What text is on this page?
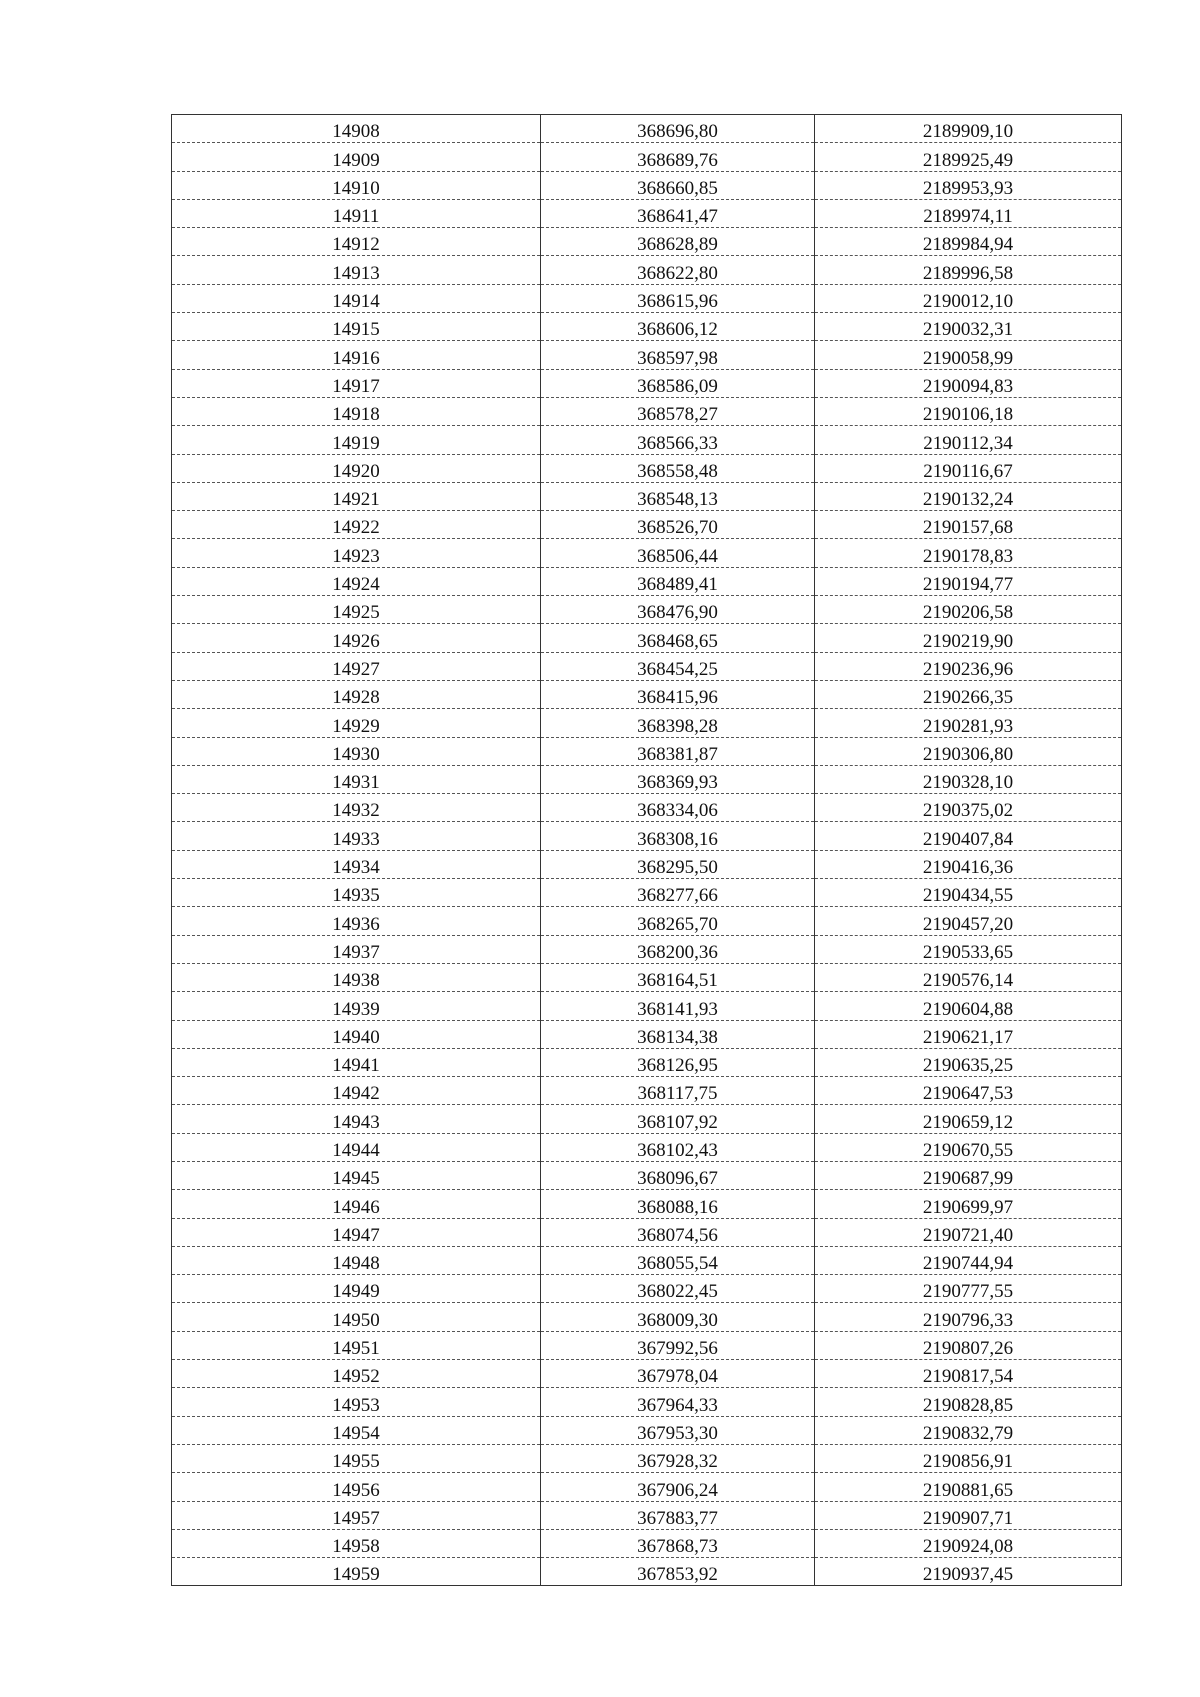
14908	368696,80	2189909,10
14909	368689,76	2189925,49
14910	368660,85	2189953,93
14911	368641,47	2189974,11
14912	368628,89	2189984,94
14913	368622,80	2189996,58
14914	368615,96	2190012,10
14915	368606,12	2190032,31
14916	368597,98	2190058,99
14917	368586,09	2190094,83
14918	368578,27	2190106,18
14919	368566,33	2190112,34
14920	368558,48	2190116,67
14921	368548,13	2190132,24
14922	368526,70	2190157,68
14923	368506,44	2190178,83
14924	368489,41	2190194,77
14925	368476,90	2190206,58
14926	368468,65	2190219,90
14927	368454,25	2190236,96
14928	368415,96	2190266,35
14929	368398,28	2190281,93
14930	368381,87	2190306,80
14931	368369,93	2190328,10
14932	368334,06	2190375,02
14933	368308,16	2190407,84
14934	368295,50	2190416,36
14935	368277,66	2190434,55
14936	368265,70	2190457,20
14937	368200,36	2190533,65
14938	368164,51	2190576,14
14939	368141,93	2190604,88
14940	368134,38	2190621,17
14941	368126,95	2190635,25
14942	368117,75	2190647,53
14943	368107,92	2190659,12
14944	368102,43	2190670,55
14945	368096,67	2190687,99
14946	368088,16	2190699,97
14947	368074,56	2190721,40
14948	368055,54	2190744,94
14949	368022,45	2190777,55
14950	368009,30	2190796,33
14951	367992,56	2190807,26
14952	367978,04	2190817,54
14953	367964,33	2190828,85
14954	367953,30	2190832,79
14955	367928,32	2190856,91
14956	367906,24	2190881,65
14957	367883,77	2190907,71
14958	367868,73	2190924,08
14959	367853,92	2190937,45
